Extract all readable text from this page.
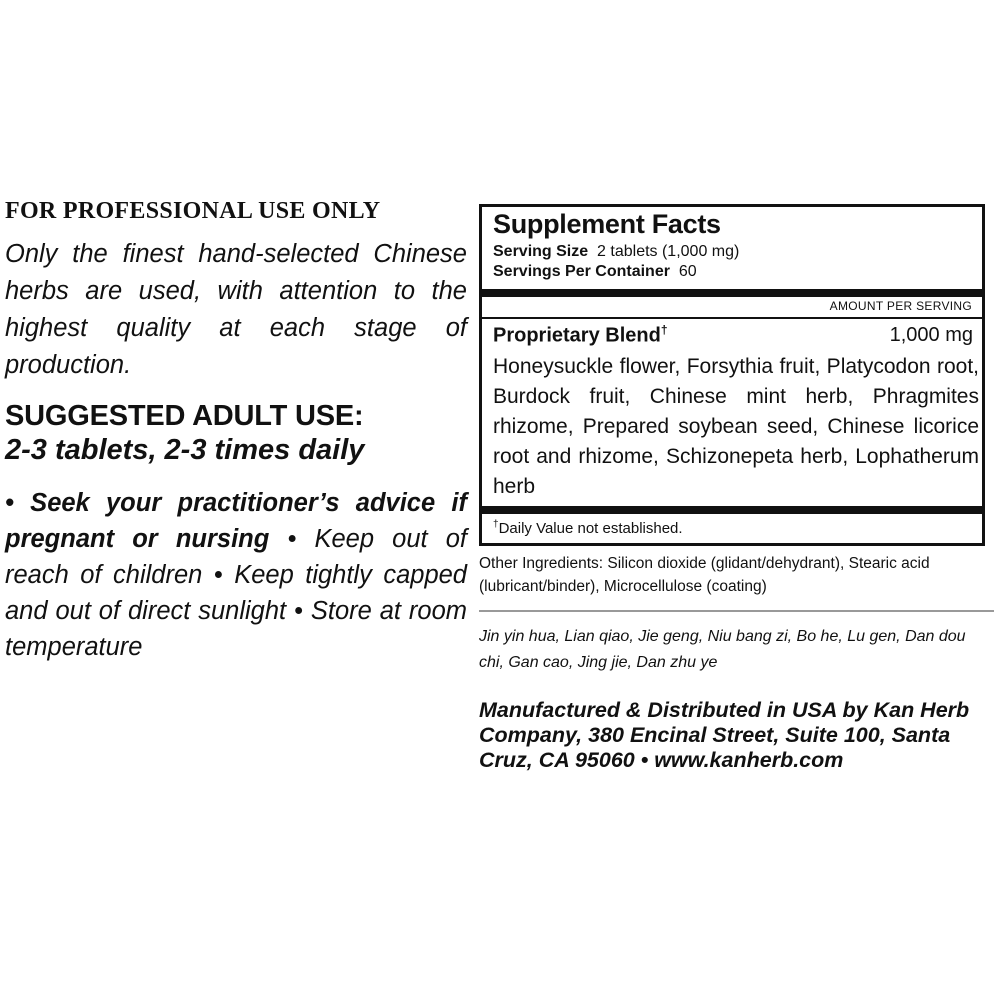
FOR PROFESSIONAL USE ONLY

Only the finest hand-selected Chinese herbs are used, with attention to the highest quality at each stage of production.

SUGGESTED ADULT USE:

2-3 tablets, 2-3 times daily

• Seek your practitioner’s advice if pregnant or nursing • Keep out of reach of children • Keep tightly capped and out of direct sunlight • Store at room temperature

Supplement Facts
Serving Size 2 tablets (1,000 mg)
Servings Per Container 60
AMOUNT PER SERVING
Proprietary Blend†	1,000 mg
Honeysuckle flower, Forsythia fruit, Platycodon root, Burdock fruit, Chinese mint herb, Phragmites rhizome, Prepared soybean seed, Chinese licorice root and rhizome, Schizonepeta herb, Lophatherum herb
†Daily Value not established.
Other Ingredients: Silicon dioxide (glidant/dehydrant), Stearic acid (lubricant/binder), Microcellulose (coating)
Jin yin hua, Lian qiao, Jie geng, Niu bang zi, Bo he, Lu gen, Dan dou chi, Gan cao, Jing jie, Dan zhu ye
Manufactured & Distributed in USA by Kan Herb Company, 380 Encinal Street, Suite 100, Santa Cruz, CA 95060 • www.kanherb.com
